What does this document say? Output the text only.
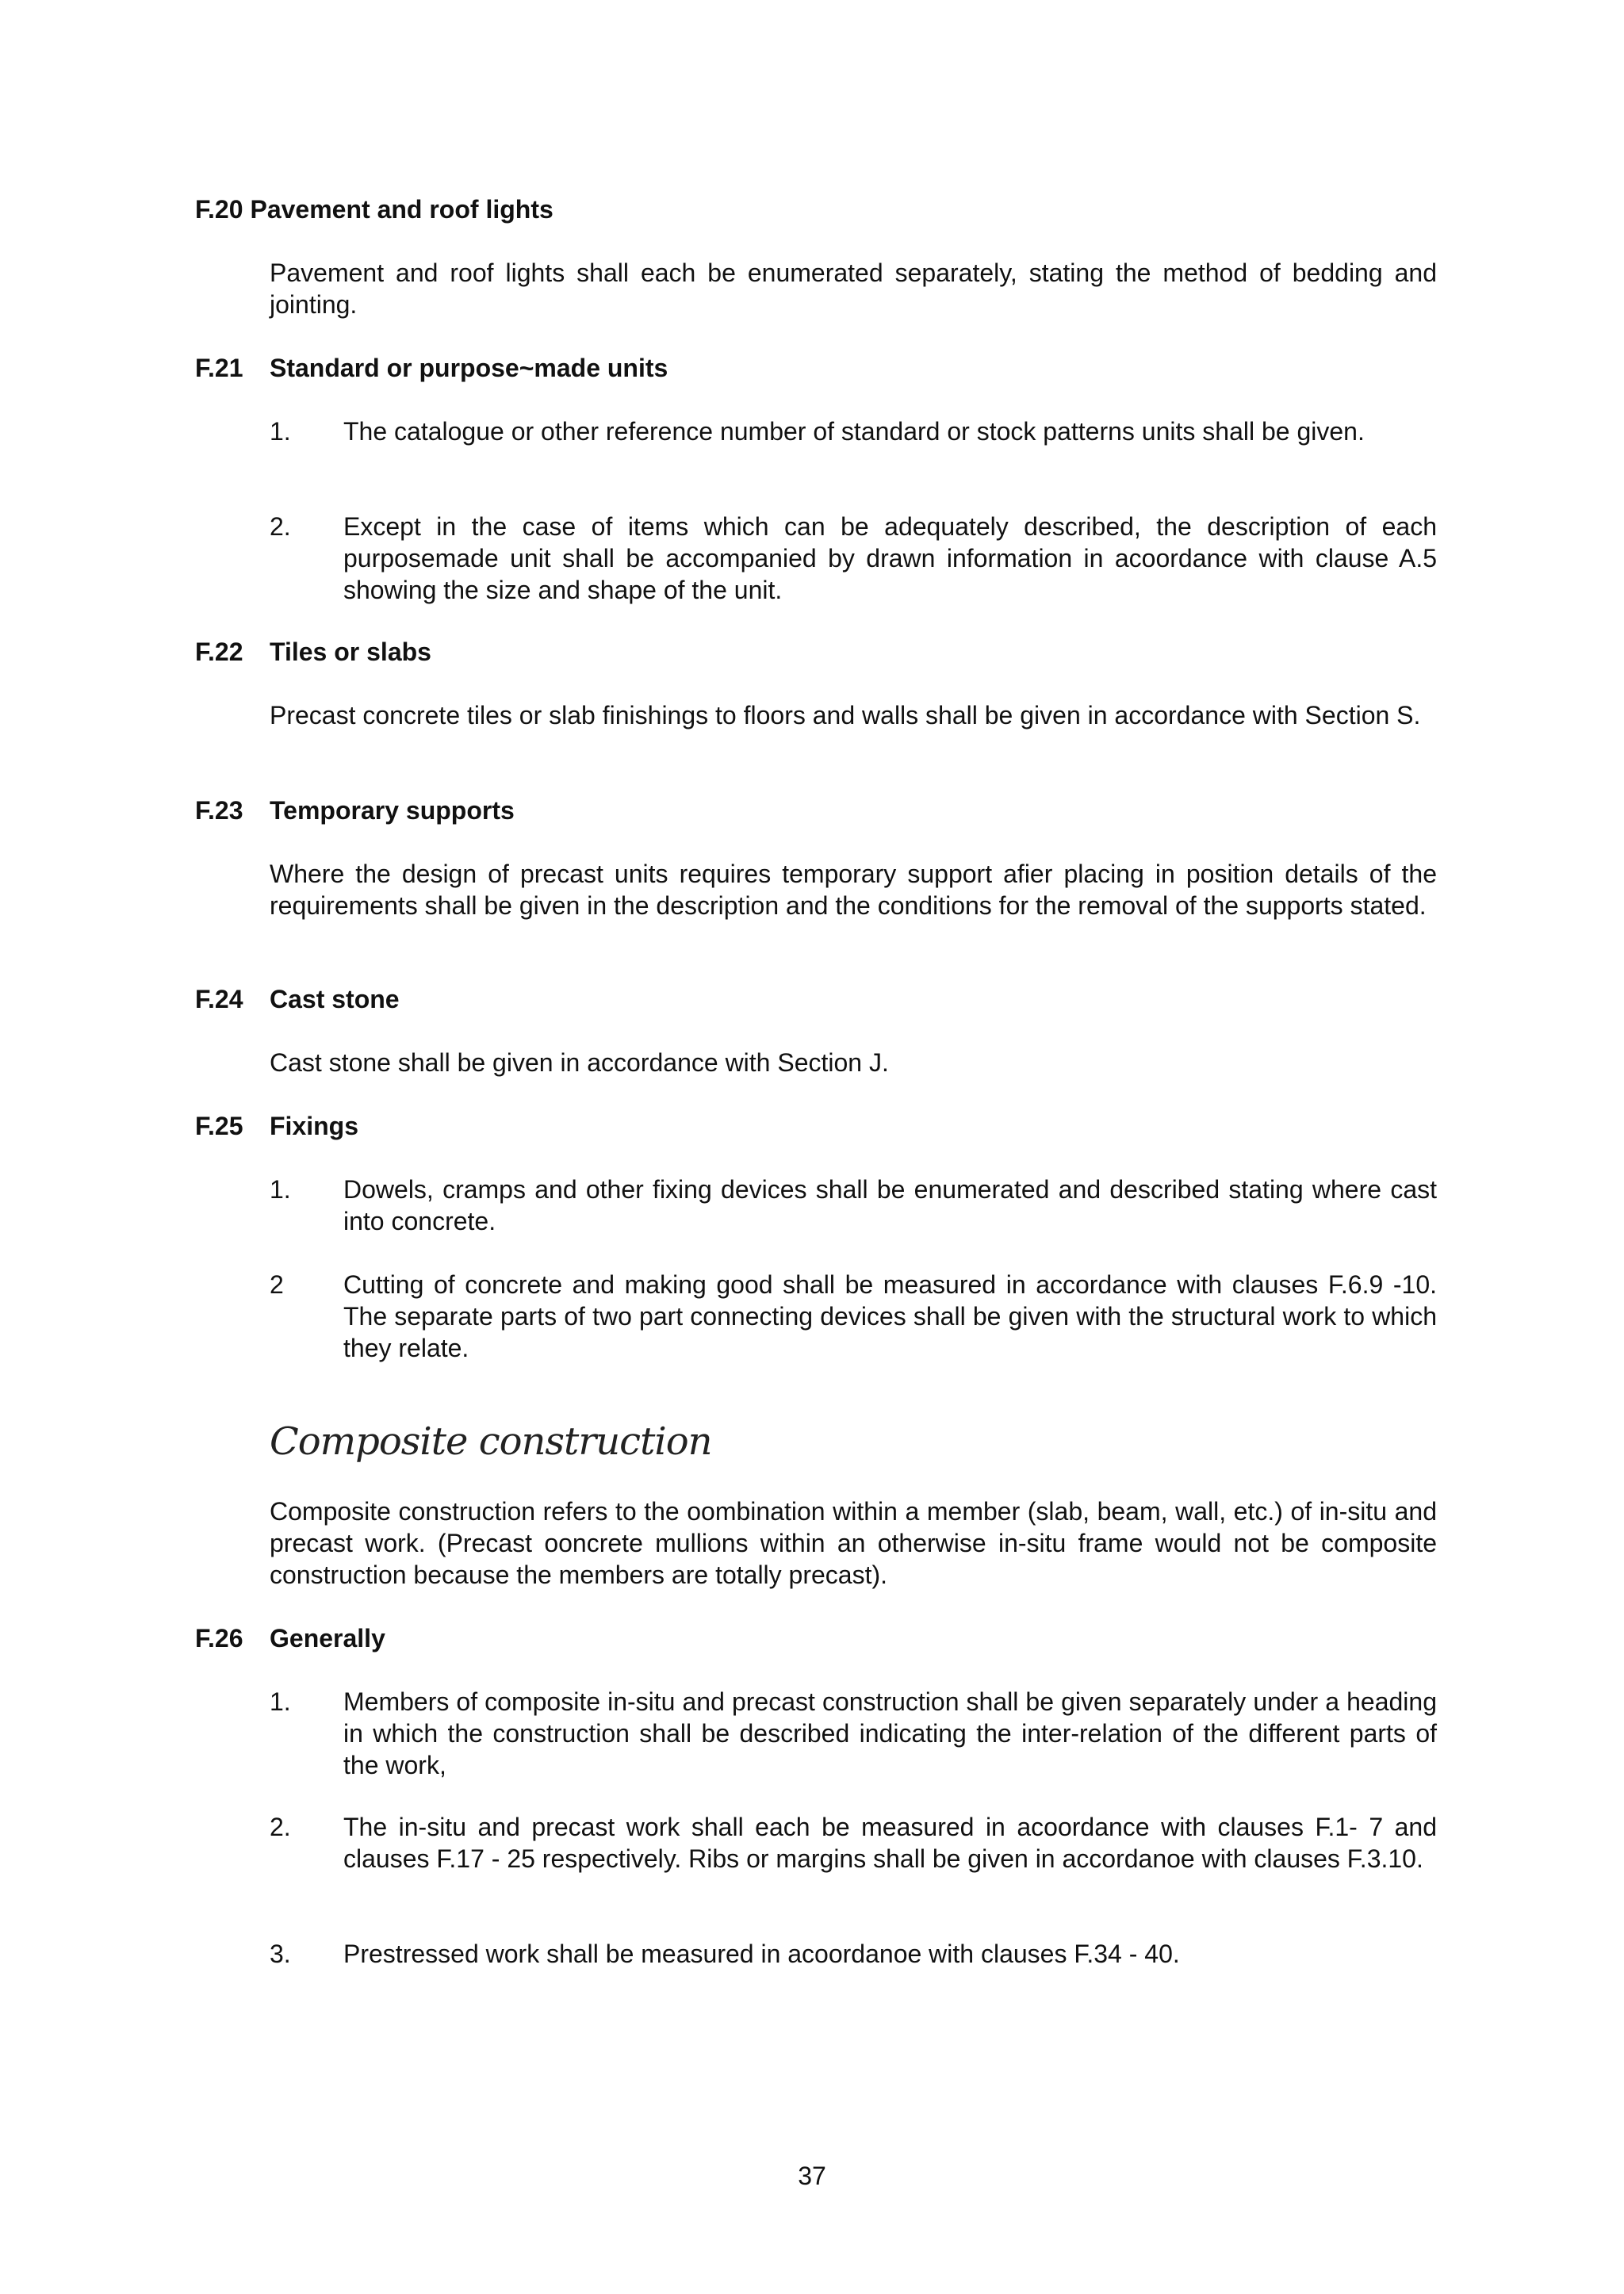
F.20 Pavement and roof lights
Pavement and roof lights shall each be enumerated separately, stating the method of bedding and jointing.
F.21 Standard or purpose~made units
1. The catalogue or other reference number of standard or stock patterns units shall be given.
2. Except in the case of items which can be adequately described, the description of each purposemade unit shall be accompanied by drawn information in acoordance with clause A.5 showing the size and shape of the unit.
F.22 Tiles or slabs
Precast concrete tiles or slab finishings to floors and walls shall be given in accordance with Section S.
F.23 Temporary supports
Where the design of precast units requires temporary support afier placing in position details of the requirements shall be given in the description and the conditions for the removal of the supports stated.
F.24 Cast stone
Cast stone shall be given in accordance with Section J.
F.25 Fixings
1. Dowels, cramps and other fixing devices shall be enumerated and described stating where cast into concrete.
2 Cutting of concrete and making good shall be measured in accordance with clauses F.6.9 -10. The separate parts of two part connecting devices shall be given with the structural work to which they relate.
Composite construction
Composite construction refers to the oombination within a member (slab, beam, wall, etc.) of in-situ and precast work. (Precast ooncrete mullions within an otherwise in-situ frame would not be composite construction because the members are totally precast).
F.26 Generally
1. Members of composite in-situ and precast construction shall be given separately under a heading in which the construction shall be described indicating the inter-relation of the different parts of the work,
2. The in-situ and precast work shall each be measured in acoordance with clauses F.1- 7 and clauses F.17 - 25 respectively. Ribs or margins shall be given in accordanoe with clauses F.3.10.
3. Prestressed work shall be measured in acoordanoe with clauses F.34 - 40.
37
